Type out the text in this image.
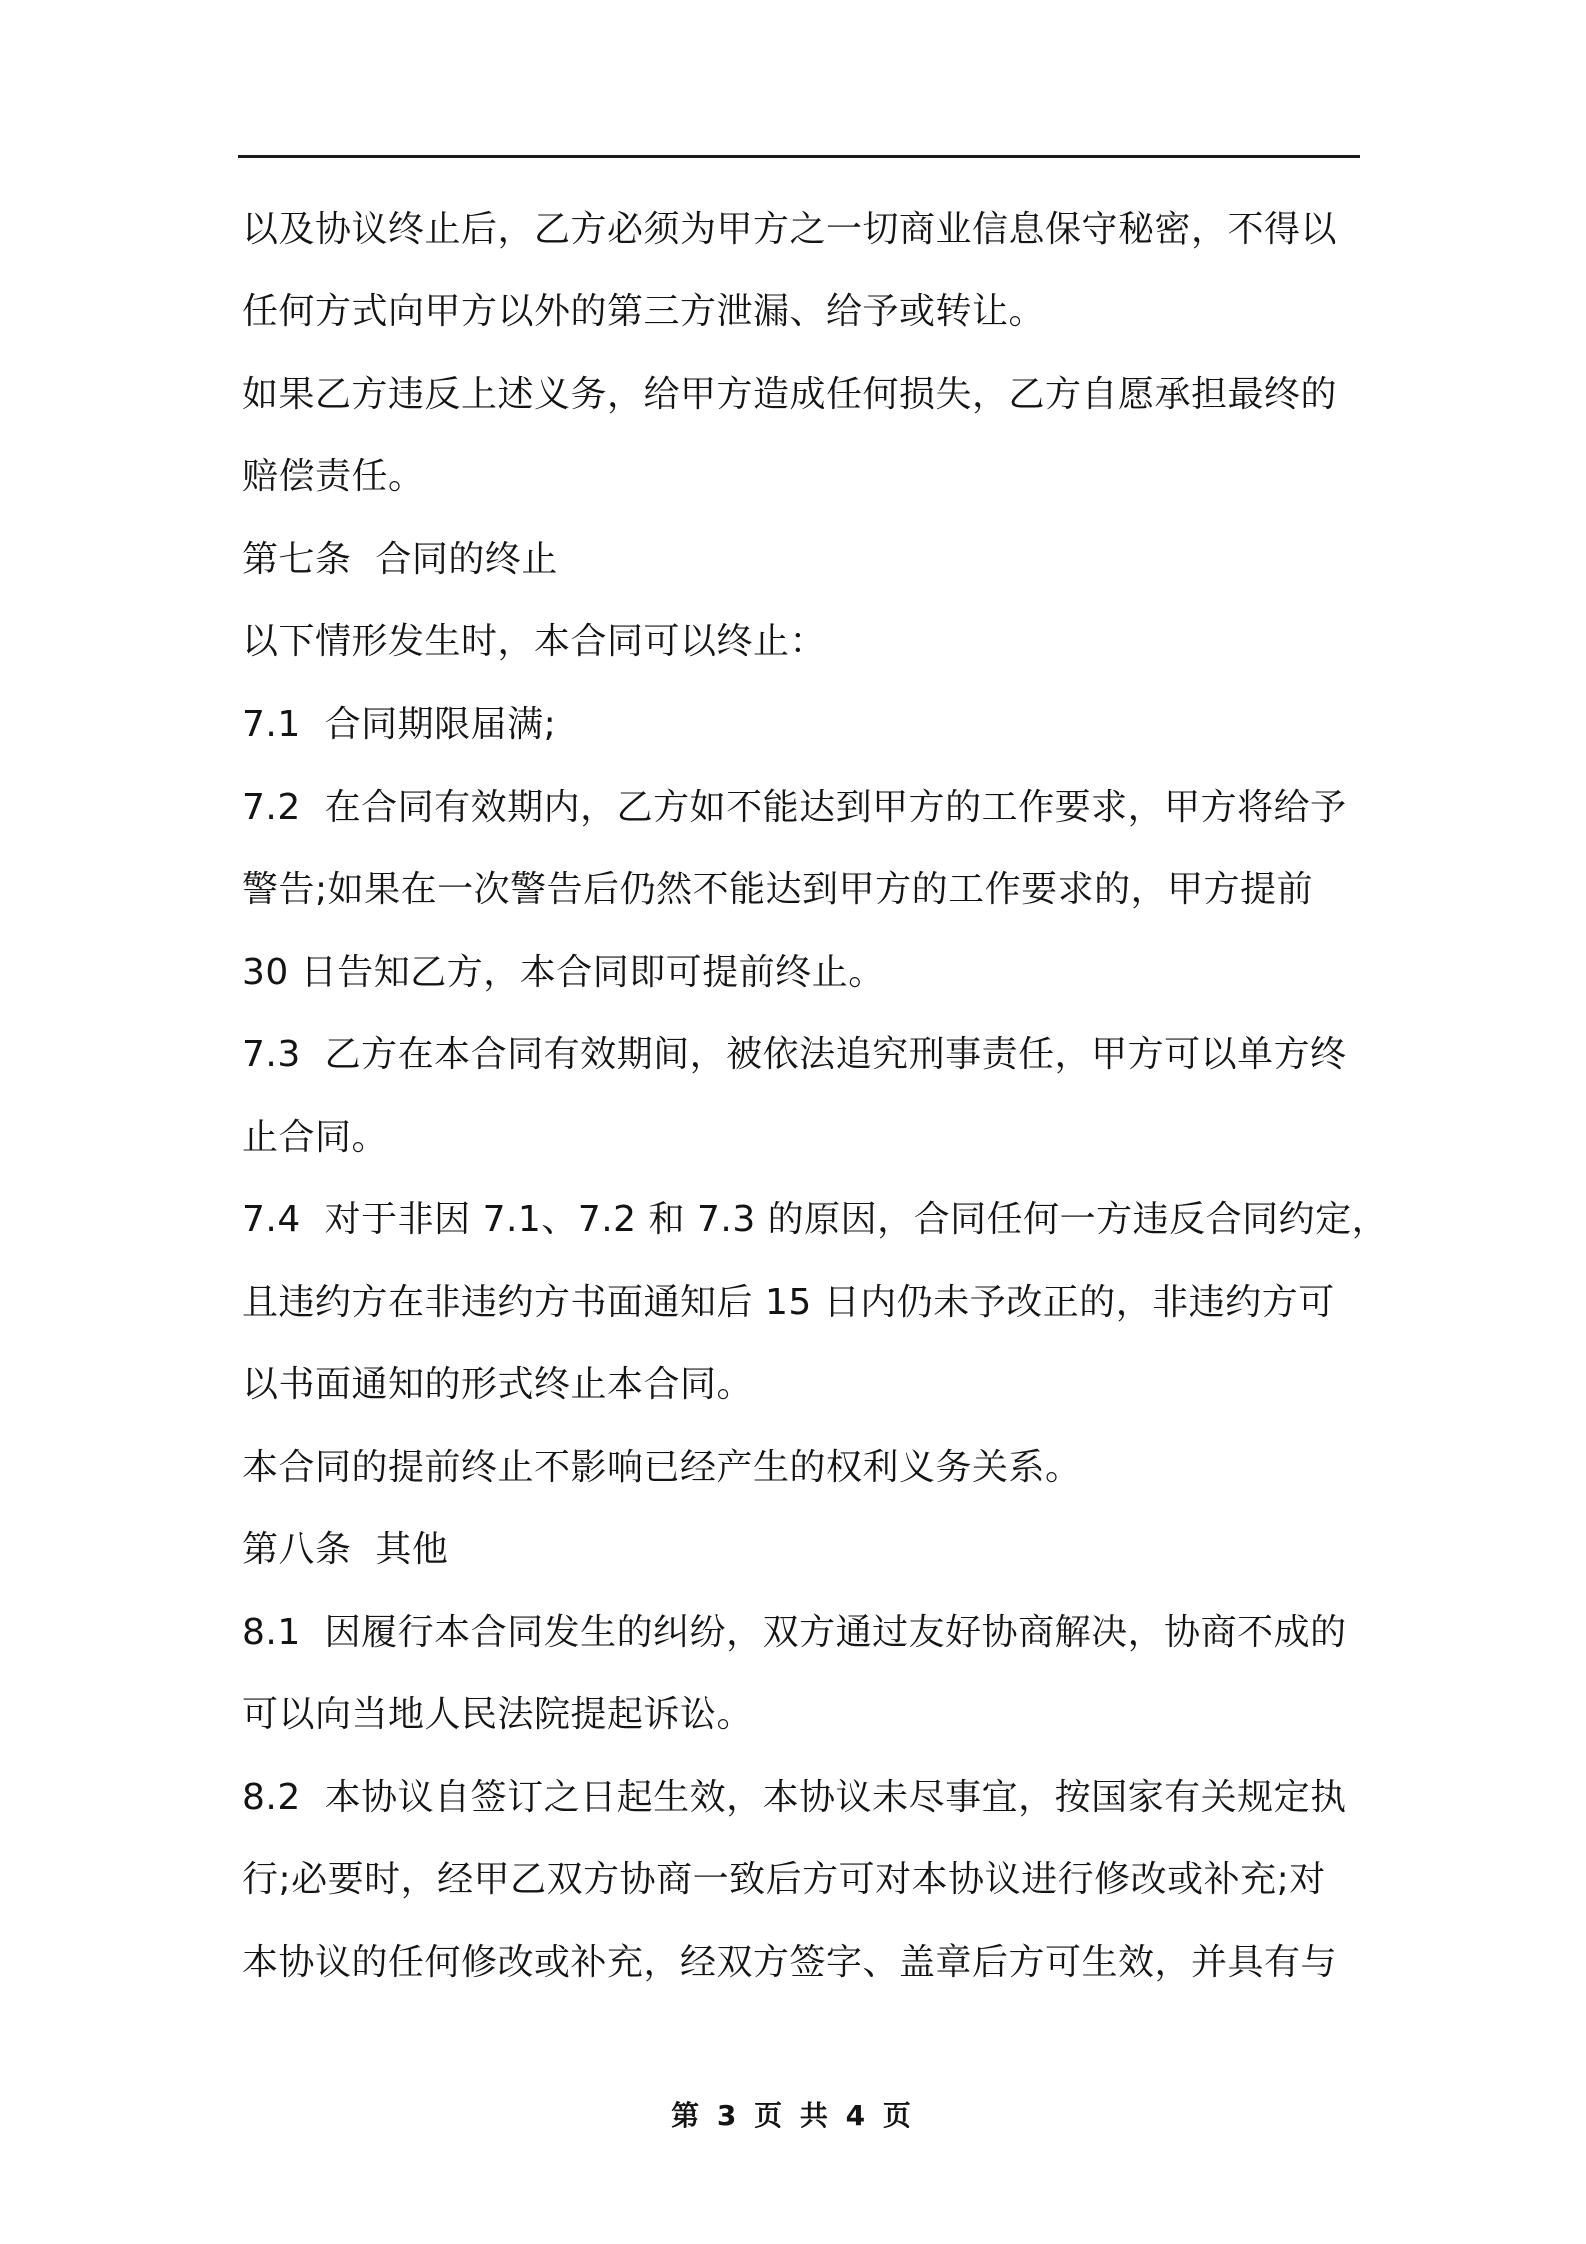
以及协议终止后，乙方必须为甲方之一切商业信息保守秘密，不得以
任何方式向甲方以外的第三方泄漏、给予或转让。
如果乙方违反上述义务，给甲方造成任何损失，乙方自愿承担最终的
赔偿责任。
第七条  合同的终止
以下情形发生时，本合同可以终止：
7.1  合同期限届满;
7.2  在合同有效期内，乙方如不能达到甲方的工作要求，甲方将给予
警告;如果在一次警告后仍然不能达到甲方的工作要求的，甲方提前
30 日告知乙方，本合同即可提前终止。
7.3  乙方在本合同有效期间，被依法追究刑事责任，甲方可以单方终
止合同。
7.4  对于非因 7.1、7.2 和 7.3 的原因，合同任何一方违反合同约定，
且违约方在非违约方书面通知后 15 日内仍未予改正的，非违约方可
以书面通知的形式终止本合同。
本合同的提前终止不影响已经产生的权利义务关系。
第八条  其他
8.1  因履行本合同发生的纠纷，双方通过友好协商解决，协商不成的
可以向当地人民法院提起诉讼。
8.2  本协议自签订之日起生效，本协议未尽事宜，按国家有关规定执
行;必要时，经甲乙双方协商一致后方可对本协议进行修改或补充;对
本协议的任何修改或补充，经双方签字、盖章后方可生效，并具有与
第 3 页 共 4 页
